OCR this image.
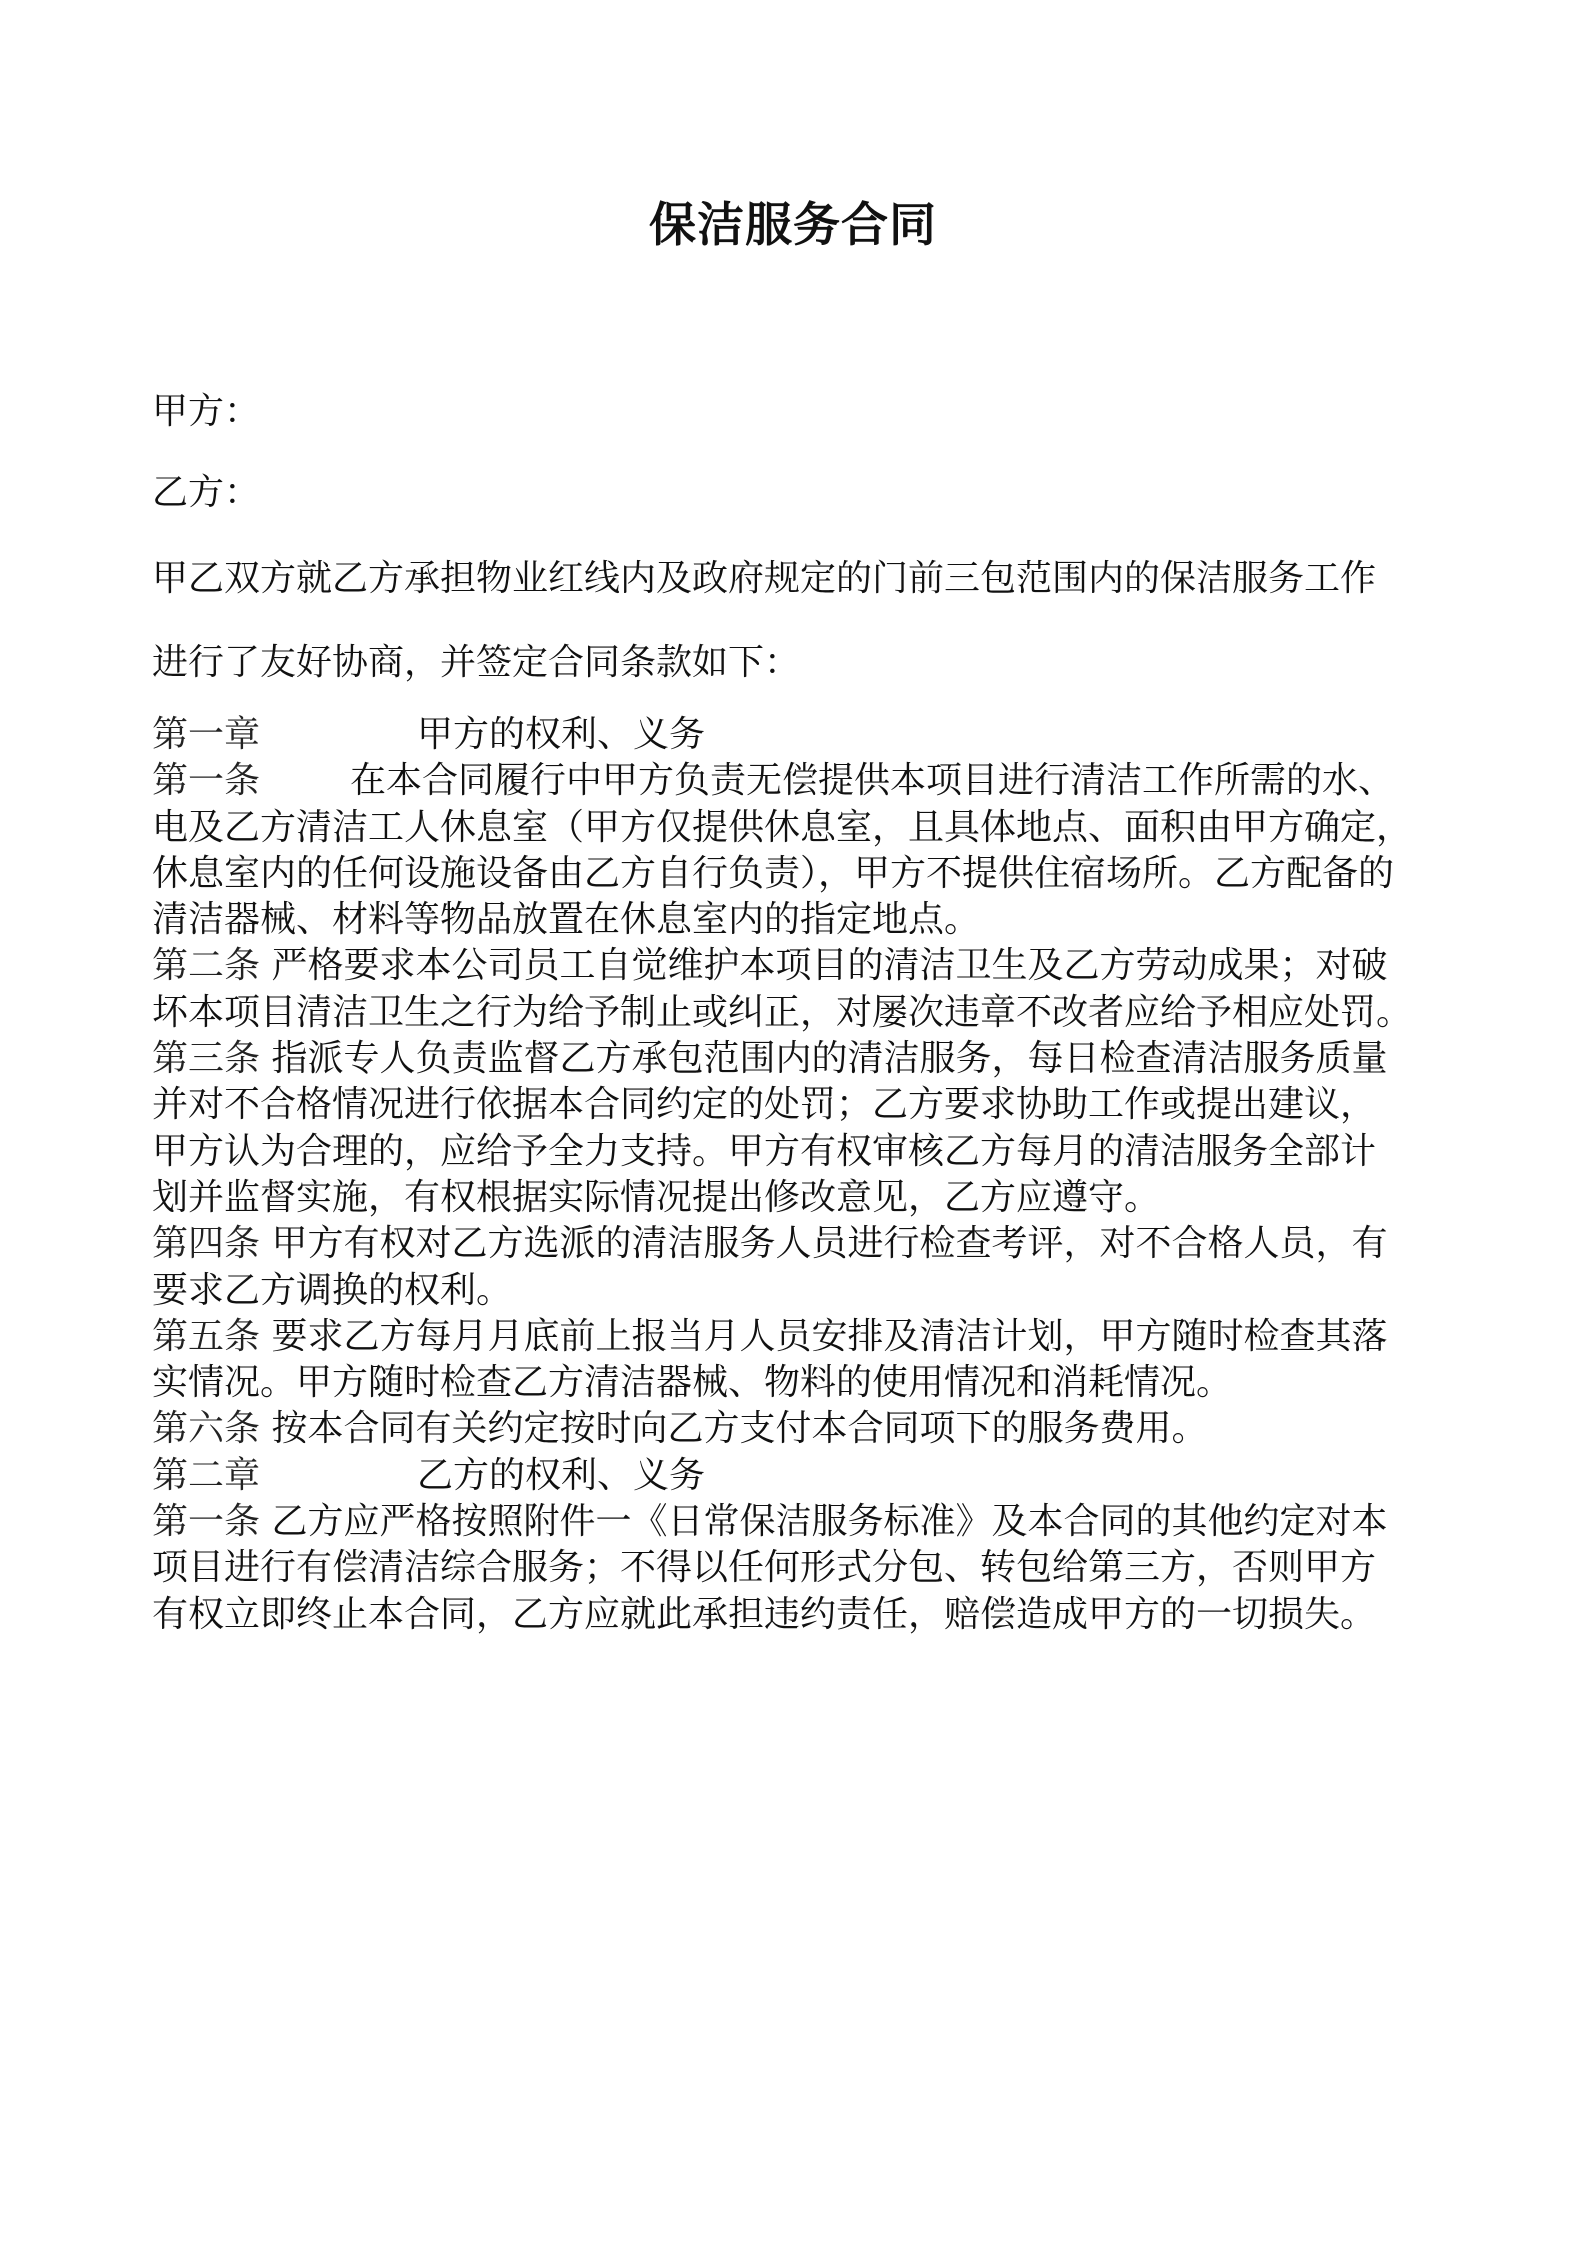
保洁服务合同
甲方：
乙方：
甲乙双方就乙方承担物业红线内及政府规定的门前三包范围内的保洁服务工作
进行了友好协商，并签定合同条款如下：
第一章	甲方的权利、义务
第一条 在本合同履行中甲方负责无偿提供本项目进行清洁工作所需的水、
电及乙方清洁工人休息室（甲方仅提供休息室，且具体地点、面积由甲方确定，
休息室内的任何设施设备由乙方自行负责），甲方不提供住宿场所。乙方配备的
清洁器械、材料等物品放置在休息室内的指定地点。
第二条 严格要求本公司员工自觉维护本项目的清洁卫生及乙方劳动成果；对破
坏本项目清洁卫生之行为给予制止或纠正，对屡次违章不改者应给予相应处罚。
第三条 指派专人负责监督乙方承包范围内的清洁服务，每日检查清洁服务质量
并对不合格情况进行依据本合同约定的处罚；乙方要求协助工作或提出建议，
甲方认为合理的，应给予全力支持。甲方有权审核乙方每月的清洁服务全部计
划并监督实施，有权根据实际情况提出修改意见，乙方应遵守。
第四条 甲方有权对乙方选派的清洁服务人员进行检查考评，对不合格人员，有
要求乙方调换的权利。
第五条 要求乙方每月月底前上报当月人员安排及清洁计划，甲方随时检查其落
实情况。甲方随时检查乙方清洁器械、物料的使用情况和消耗情况。
第六条 按本合同有关约定按时向乙方支付本合同项下的服务费用。
第二章	乙方的权利、义务
第一条 乙方应严格按照附件一《日常保洁服务标准》及本合同的其他约定对本
项目进行有偿清洁综合服务；不得以任何形式分包、转包给第三方，否则甲方
有权立即终止本合同，乙方应就此承担违约责任，赔偿造成甲方的一切损失。
